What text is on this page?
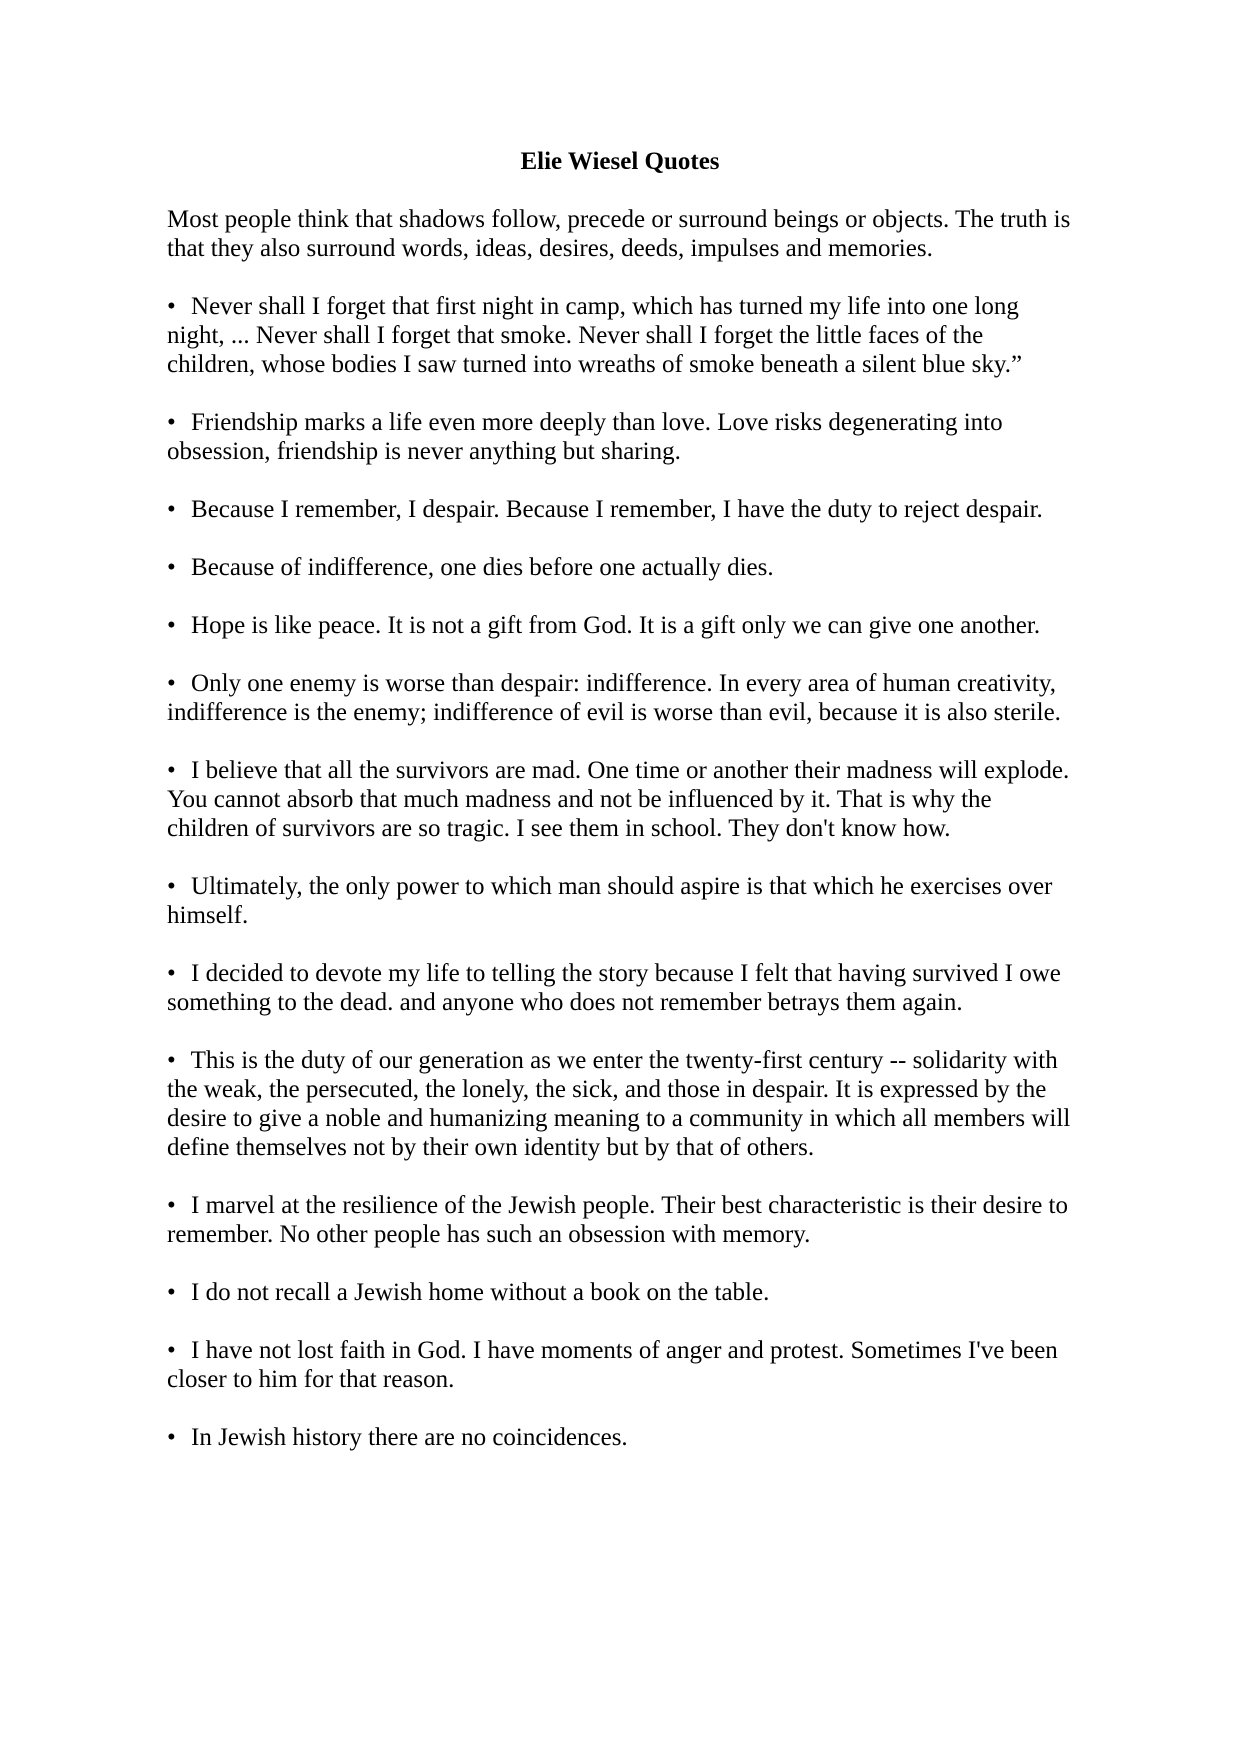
Elie Wiesel Quotes

Most people think that shadows follow, precede or surround beings or objects. The truth is that they also surround words, ideas, desires, deeds, impulses and memories.

• Never shall I forget that first night in camp, which has turned my life into one long night, ... Never shall I forget that smoke. Never shall I forget the little faces of the children, whose bodies I saw turned into wreaths of smoke beneath a silent blue sky.”

• Friendship marks a life even more deeply than love. Love risks degenerating into obsession, friendship is never anything but sharing.

• Because I remember, I despair. Because I remember, I have the duty to reject despair.

• Because of indifference, one dies before one actually dies.

• Hope is like peace. It is not a gift from God. It is a gift only we can give one another.

• Only one enemy is worse than despair: indifference. In every area of human creativity, indifference is the enemy; indifference of evil is worse than evil, because it is also sterile.

• I believe that all the survivors are mad. One time or another their madness will explode. You cannot absorb that much madness and not be influenced by it. That is why the children of survivors are so tragic. I see them in school. They don't know how.

• Ultimately, the only power to which man should aspire is that which he exercises over himself.

• I decided to devote my life to telling the story because I felt that having survived I owe something to the dead. and anyone who does not remember betrays them again.

• This is the duty of our generation as we enter the twenty-first century -- solidarity with the weak, the persecuted, the lonely, the sick, and those in despair. It is expressed by the desire to give a noble and humanizing meaning to a community in which all members will define themselves not by their own identity but by that of others.

• I marvel at the resilience of the Jewish people. Their best characteristic is their desire to remember. No other people has such an obsession with memory.

• I do not recall a Jewish home without a book on the table.

• I have not lost faith in God. I have moments of anger and protest. Sometimes I've been closer to him for that reason.

• In Jewish history there are no coincidences.
